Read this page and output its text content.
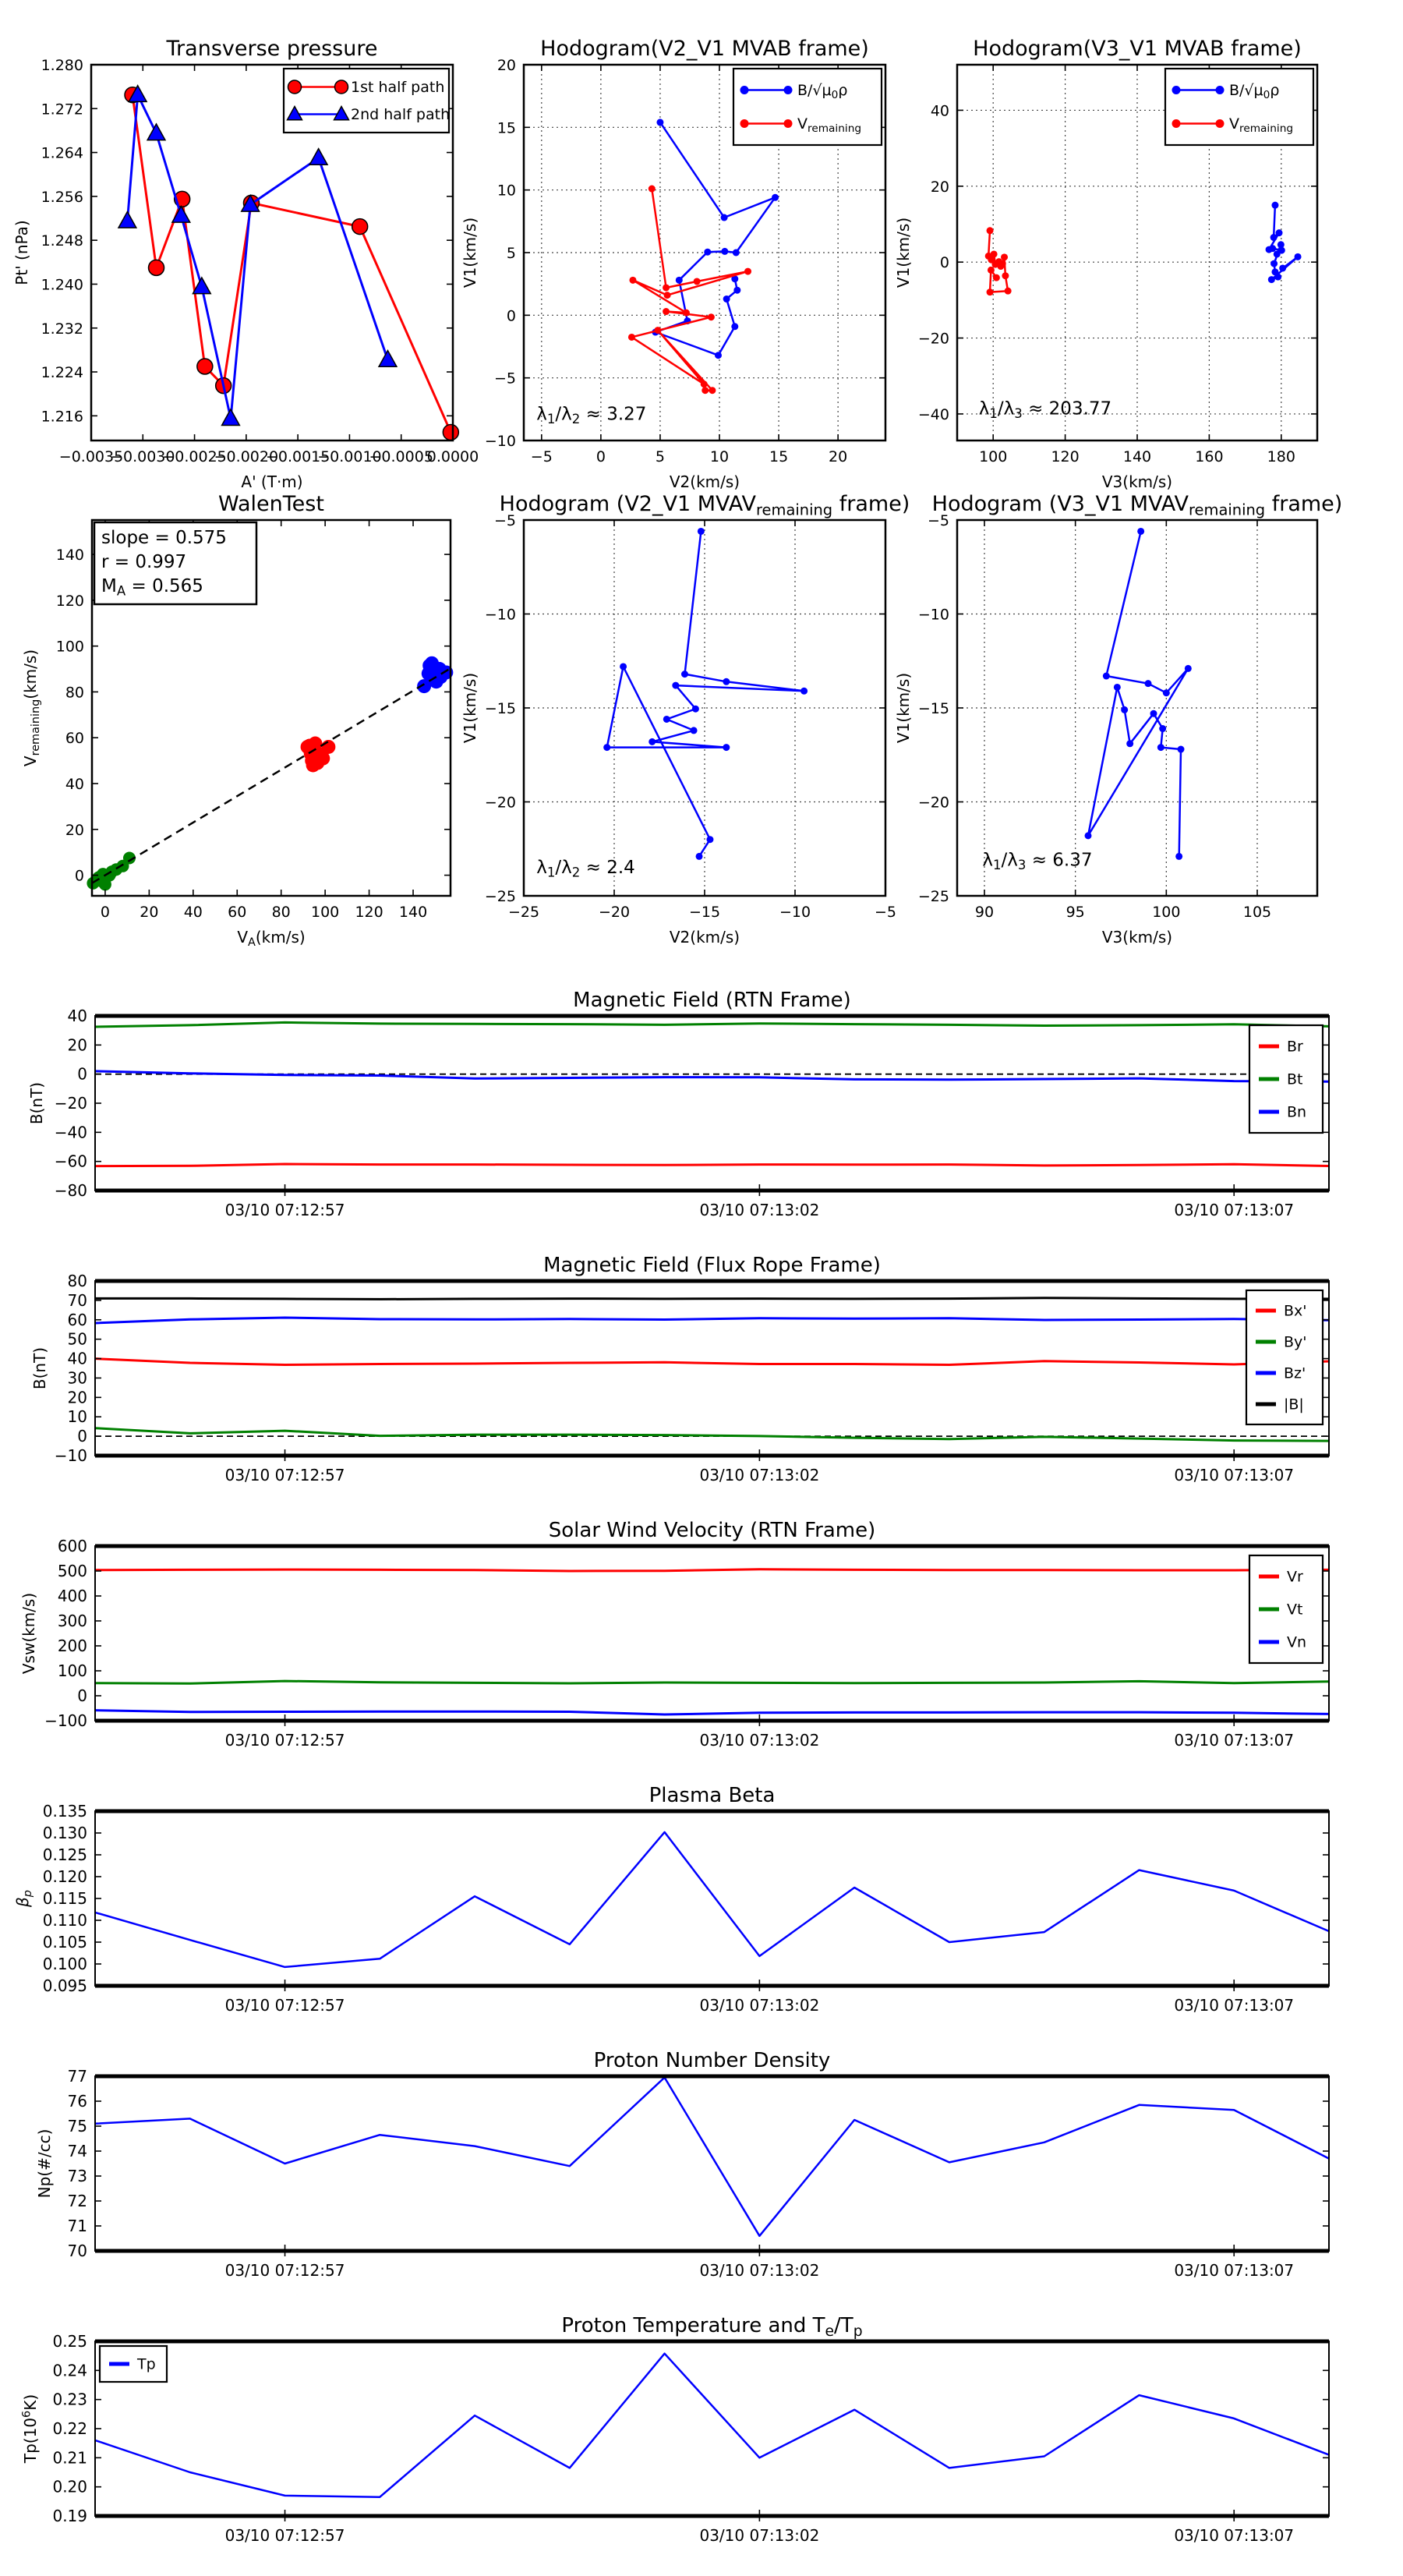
−0.0035
−0.0030
−0.0025
−0.0020
−0.0015
−0.0010
−0.0005
0.0000
1.216
1.224
1.232
1.240
1.248
1.256
1.264
1.272
1.280
Transverse pressure
A' (T·m)
Pt' (nPa)
1st half path
2nd half path
−5	0	5	10	15	20
−10
−5
0
5
10
15
20
Hodogram(V2_V1 MVAB frame)
V2(km/s)
V1(km/s)
$B/√\mu_0\rho$
$V_{remaining}$
$\lambda_1/\lambda_2 \approx 3.27$
100	120	140	160	180
−40
−20
0
20
40
Hodogram(V3_V1 MVAB frame)
V3(km/s)
V1(km/s)
$B/√\mu_0\rho$
$V_{remaining}$
$\lambda_1/\lambda_3 \approx 203.77$
0 20 40 60 80 100 120 140
0
20
40
60
80
100
120
140
WalenTest
$V_A(km/s)$
$V_{remaining}(km/s)$
slope = 0.575
r = 0.997
$M_A = 0.565$
−25	−20	−15	−10	−5
−25
−20
−15
−10
−5
Hodogram (V2_V1 $MVAV_{remaining}$ frame)
V2(km/s)
V1(km/s)
$\lambda_1/\lambda_2 \approx 2.4$
90	95	100	105
−25
−20
−15
−10
−5
Hodogram (V3_V1 $MVAV_{remaining}$ frame)
V3(km/s)
V1(km/s)
$\lambda_1/\lambda_3 \approx 6.37$
03/10 07:12:57	03/10 07:13:02	03/10 07:13:07
−80
−60
−40
−20
0
20
40
Magnetic Field (RTN Frame)
B(nT)
Br
Bt
Bn
03/10 07:12:57	03/10 07:13:02	03/10 07:13:07
−10
0
10
20
30
40
50
60
70
80
Magnetic Field (Flux Rope Frame)
B(nT)
Bx'
By'
Bz'
|B|
03/10 07:12:57	03/10 07:13:02	03/10 07:13:07
−100
0
100
200
300
400
500
600
Solar Wind Velocity (RTN Frame)
Vsw(km/s)
Vr
Vt
Vn
03/10 07:12:57	03/10 07:13:02	03/10 07:13:07
0.095
0.100
0.105
0.110
0.115
0.120
0.125
0.130
0.135
Plasma Beta
$\beta_p$
03/10 07:12:57	03/10 07:13:02	03/10 07:13:07
70
71
72
73
74
75
76
77
Proton Number Density
Np(#/cc)
03/10 07:12:57	03/10 07:13:02	03/10 07:13:07
0.19
0.20
0.21
0.22
0.23
0.24
0.25
Proton Temperature and $T_e/T_p$
$Tp(10^6K)$
Tp
